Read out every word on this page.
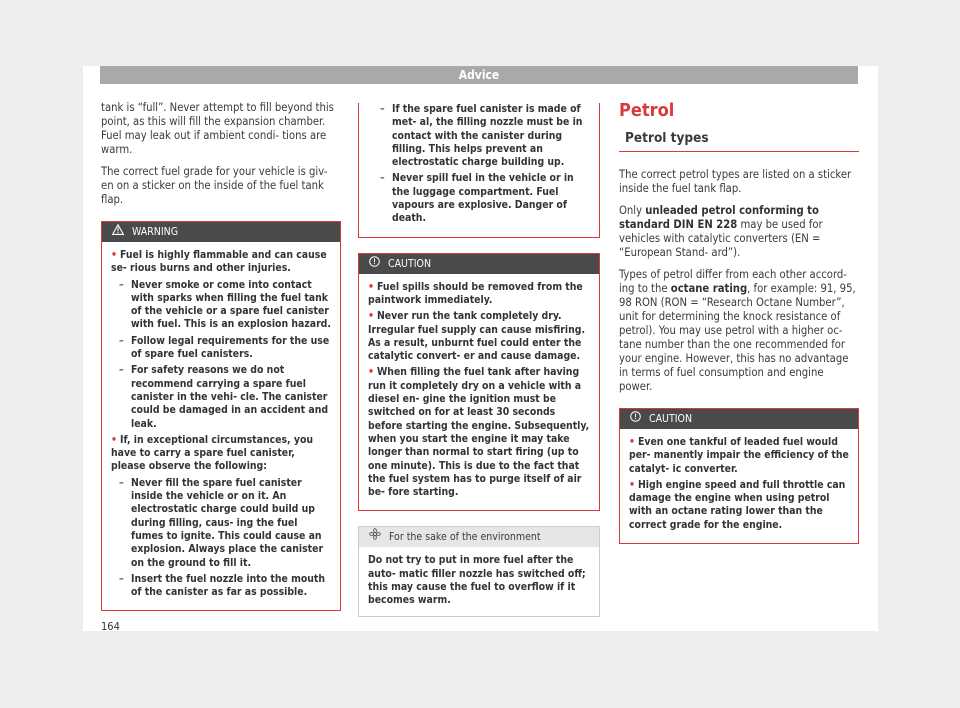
Advice

tank is “full”. Never attempt to fill beyond this point, as this will fill the expansion chamber. Fuel may leak out if ambient condi- tions are warm.

The correct fuel grade for your vehicle is giv- en on a sticker on the inside of the fuel tank flap.

WARNING
• Fuel is highly flammable and can cause se- rious burns and other injuries.
– Never smoke or come into contact with sparks when filling the fuel tank of the vehicle or a spare fuel canister with fuel. This is an explosion hazard.
– Follow legal requirements for the use of spare fuel canisters.
– For safety reasons we do not recommend carrying a spare fuel canister in the vehi- cle. The canister could be damaged in an accident and leak.
• If, in exceptional circumstances, you have to carry a spare fuel canister, please observe the following:
– Never fill the spare fuel canister inside the vehicle or on it. An electrostatic charge could build up during filling, caus- ing the fuel fumes to ignite. This could cause an explosion. Always place the canister on the ground to fill it.
– Insert the fuel nozzle into the mouth of the canister as far as possible.
– If the spare fuel canister is made of met- al, the filling nozzle must be in contact with the canister during filling. This helps prevent an electrostatic charge building up.
– Never spill fuel in the vehicle or in the luggage compartment. Fuel vapours are explosive. Danger of death.
CAUTION
• Fuel spills should be removed from the paintwork immediately.
• Never run the tank completely dry. Irregular fuel supply can cause misfiring. As a result, unburnt fuel could enter the catalytic convert- er and cause damage.
• When filling the fuel tank after having run it completely dry on a vehicle with a diesel en- gine the ignition must be switched on for at least 30 seconds before starting the engine. Subsequently, when you start the engine it may take longer than normal to start firing (up to one minute). This is due to the fact that the fuel system has to purge itself of air be- fore starting.
For the sake of the environment
Do not try to put in more fuel after the auto- matic filler nozzle has switched off; this may cause the fuel to overflow if it becomes warm.
Petrol
Petrol types

The correct petrol types are listed on a sticker inside the fuel tank flap.

Only unleaded petrol conforming to standard DIN EN 228 may be used for vehicles with catalytic converters (EN = “European Stand- ard”).

Types of petrol differ from each other accord- ing to the octane rating, for example: 91, 95, 98 RON (RON = “Research Octane Number”, unit for determining the knock resistance of petrol). You may use petrol with a higher oc- tane number than the one recommended for your engine. However, this has no advantage in terms of fuel consumption and engine power.

CAUTION
• Even one tankful of leaded fuel would per- manently impair the efficiency of the catalyt- ic converter.
• High engine speed and full throttle can damage the engine when using petrol with an octane rating lower than the correct grade for the engine.
164
